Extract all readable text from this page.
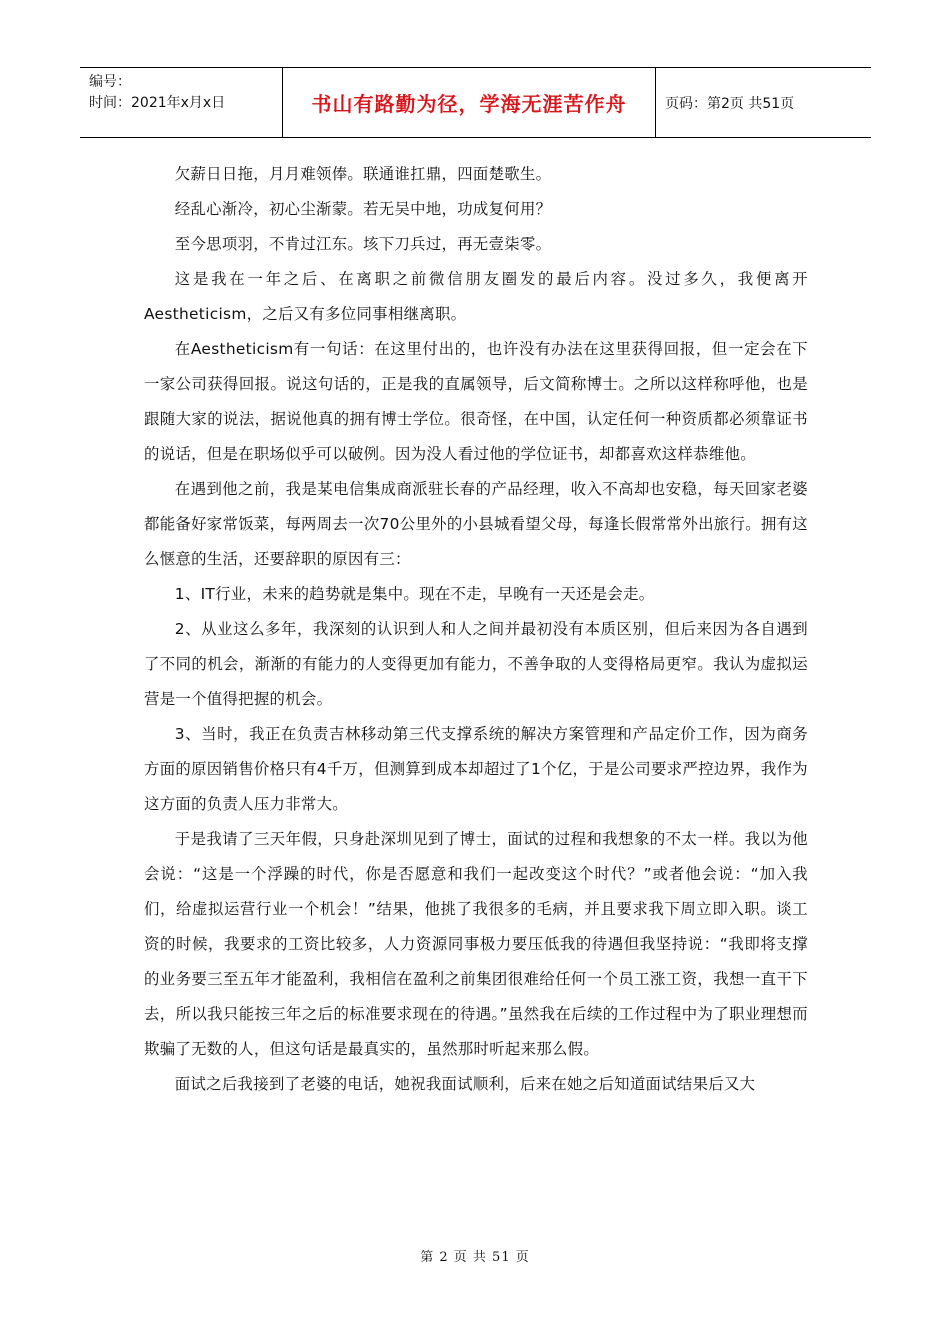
编号：
时间：2021年x月x日	书山有路勤为径，学海无涯苦作舟	页码：第2页 共51页

欠薪日日拖，月月难领俸。联通谁扛鼎，四面楚歌生。

经乱心渐冷，初心尘渐蒙。若无吴中地，功成复何用？

至今思项羽，不肯过江东。垓下刀兵过，再无壹柒零。

这是我在一年之后、在离职之前微信朋友圈发的最后内容。没过多久，我便离开Aestheticism，之后又有多位同事相继离职。

在Aestheticism有一句话：在这里付出的，也许没有办法在这里获得回报，但一定会在下一家公司获得回报。说这句话的，正是我的直属领导，后文简称博士。之所以这样称呼他，也是跟随大家的说法，据说他真的拥有博士学位。很奇怪，在中国，认定任何一种资质都必须靠证书的说话，但是在职场似乎可以破例。因为没人看过他的学位证书，却都喜欢这样恭维他。

在遇到他之前，我是某电信集成商派驻长春的产品经理，收入不高却也安稳，每天回家老婆都能备好家常饭菜，每两周去一次70公里外的小县城看望父母，每逢长假常常外出旅行。拥有这么惬意的生活，还要辞职的原因有三：

1、IT行业，未来的趋势就是集中。现在不走，早晚有一天还是会走。

2、从业这么多年，我深刻的认识到人和人之间并最初没有本质区别，但后来因为各自遇到了不同的机会，渐渐的有能力的人变得更加有能力，不善争取的人变得格局更窄。我认为虚拟运营是一个值得把握的机会。

3、当时，我正在负责吉林移动第三代支撑系统的解决方案管理和产品定价工作，因为商务方面的原因销售价格只有4千万，但测算到成本却超过了1个亿，于是公司要求严控边界，我作为这方面的负责人压力非常大。

于是我请了三天年假，只身赴深圳见到了博士，面试的过程和我想象的不太一样。我以为他会说：“这是一个浮躁的时代，你是否愿意和我们一起改变这个时代？”或者他会说：“加入我们，给虚拟运营行业一个机会！”结果，他挑了我很多的毛病，并且要求我下周立即入职。谈工资的时候，我要求的工资比较多，人力资源同事极力要压低我的待遇但我坚持说：“我即将支撑的业务要三至五年才能盈利，我相信在盈利之前集团很难给任何一个员工涨工资，我想一直干下去，所以我只能按三年之后的标准要求现在的待遇。”虽然我在后续的工作过程中为了职业理想而欺骗了无数的人，但这句话是最真实的，虽然那时听起来那么假。

面试之后我接到了老婆的电话，她祝我面试顺利，后来在她之后知道面试结果后又大

第 2 页 共 51 页
